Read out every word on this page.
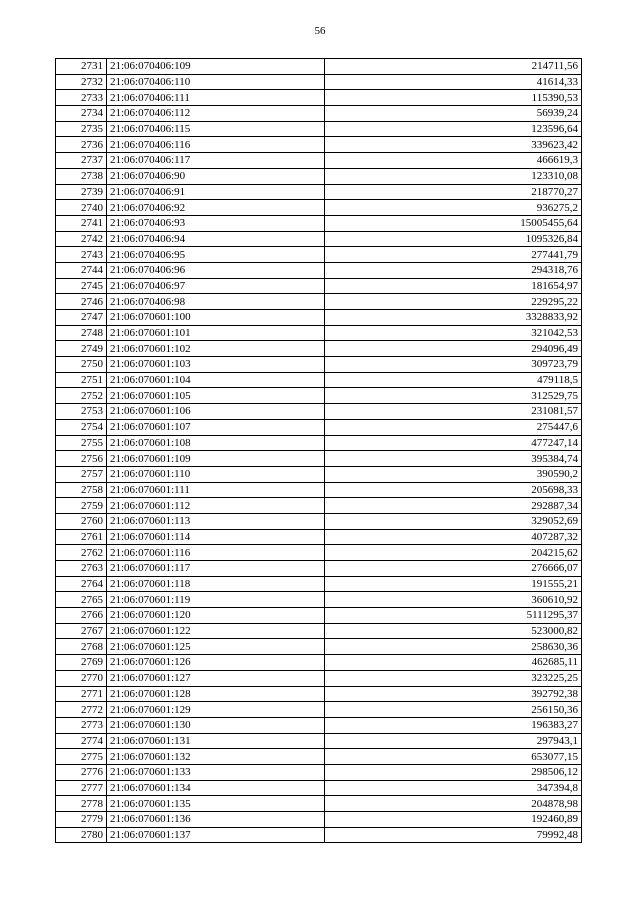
56
2731	21:06:070406:109	214711,56
2732	21:06:070406:110	41614,33
2733	21:06:070406:111	115390,53
2734	21:06:070406:112	56939,24
2735	21:06:070406:115	123596,64
2736	21:06:070406:116	339623,42
2737	21:06:070406:117	466619,3
2738	21:06:070406:90	123310,08
2739	21:06:070406:91	218770,27
2740	21:06:070406:92	936275,2
2741	21:06:070406:93	15005455,64
2742	21:06:070406:94	1095326,84
2743	21:06:070406:95	277441,79
2744	21:06:070406:96	294318,76
2745	21:06:070406:97	181654,97
2746	21:06:070406:98	229295,22
2747	21:06:070601:100	3328833,92
2748	21:06:070601:101	321042,53
2749	21:06:070601:102	294096,49
2750	21:06:070601:103	309723,79
2751	21:06:070601:104	479118,5
2752	21:06:070601:105	312529,75
2753	21:06:070601:106	231081,57
2754	21:06:070601:107	275447,6
2755	21:06:070601:108	477247,14
2756	21:06:070601:109	395384,74
2757	21:06:070601:110	390590,2
2758	21:06:070601:111	205698,33
2759	21:06:070601:112	292887,34
2760	21:06:070601:113	329052,69
2761	21:06:070601:114	407287,32
2762	21:06:070601:116	204215,62
2763	21:06:070601:117	276666,07
2764	21:06:070601:118	191555,21
2765	21:06:070601:119	360610,92
2766	21:06:070601:120	5111295,37
2767	21:06:070601:122	523000,82
2768	21:06:070601:125	258630,36
2769	21:06:070601:126	462685,11
2770	21:06:070601:127	323225,25
2771	21:06:070601:128	392792,38
2772	21:06:070601:129	256150,36
2773	21:06:070601:130	196383,27
2774	21:06:070601:131	297943,1
2775	21:06:070601:132	653077,15
2776	21:06:070601:133	298506,12
2777	21:06:070601:134	347394,8
2778	21:06:070601:135	204878,98
2779	21:06:070601:136	192460,89
2780	21:06:070601:137	79992,48
